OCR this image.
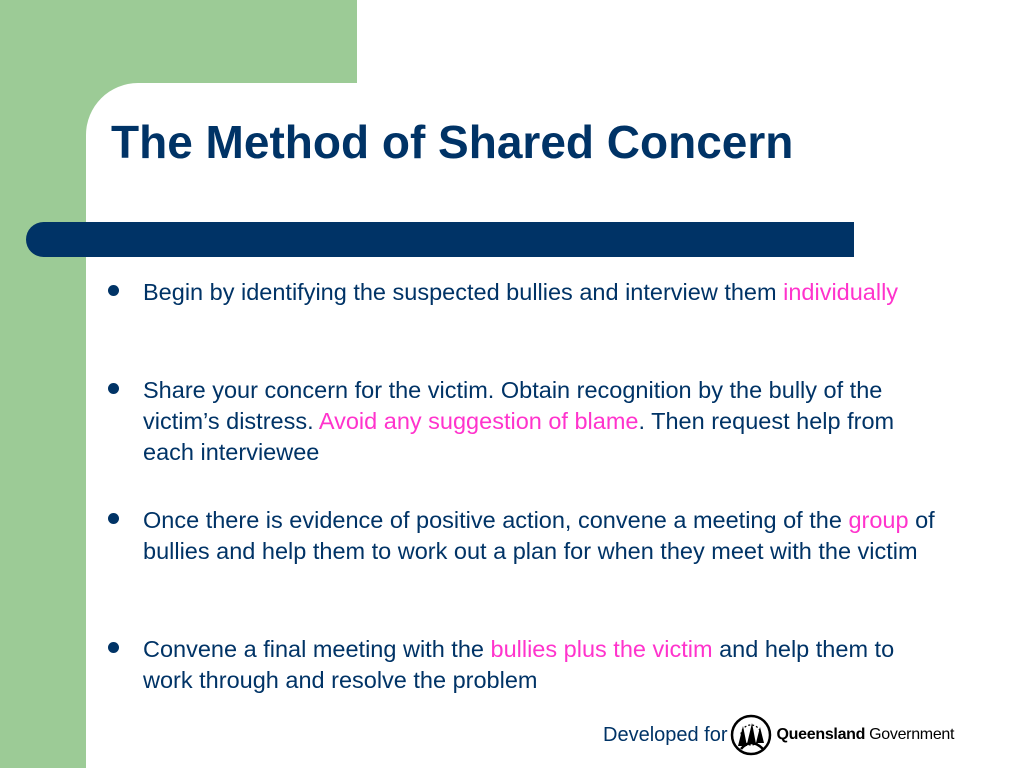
The Method of Shared Concern
Begin by identifying the suspected bullies and interview them individually
Share your concern for the victim. Obtain recognition by the bully of the victim’s distress. Avoid any suggestion of blame. Then request help from each interviewee
Once there is evidence of positive action, convene a meeting of the group of bullies and help them to work out a plan for when they meet with the victim
Convene a final meeting with the bullies plus the victim and help them to work through and resolve the problem
Developed for	Queensland Government
